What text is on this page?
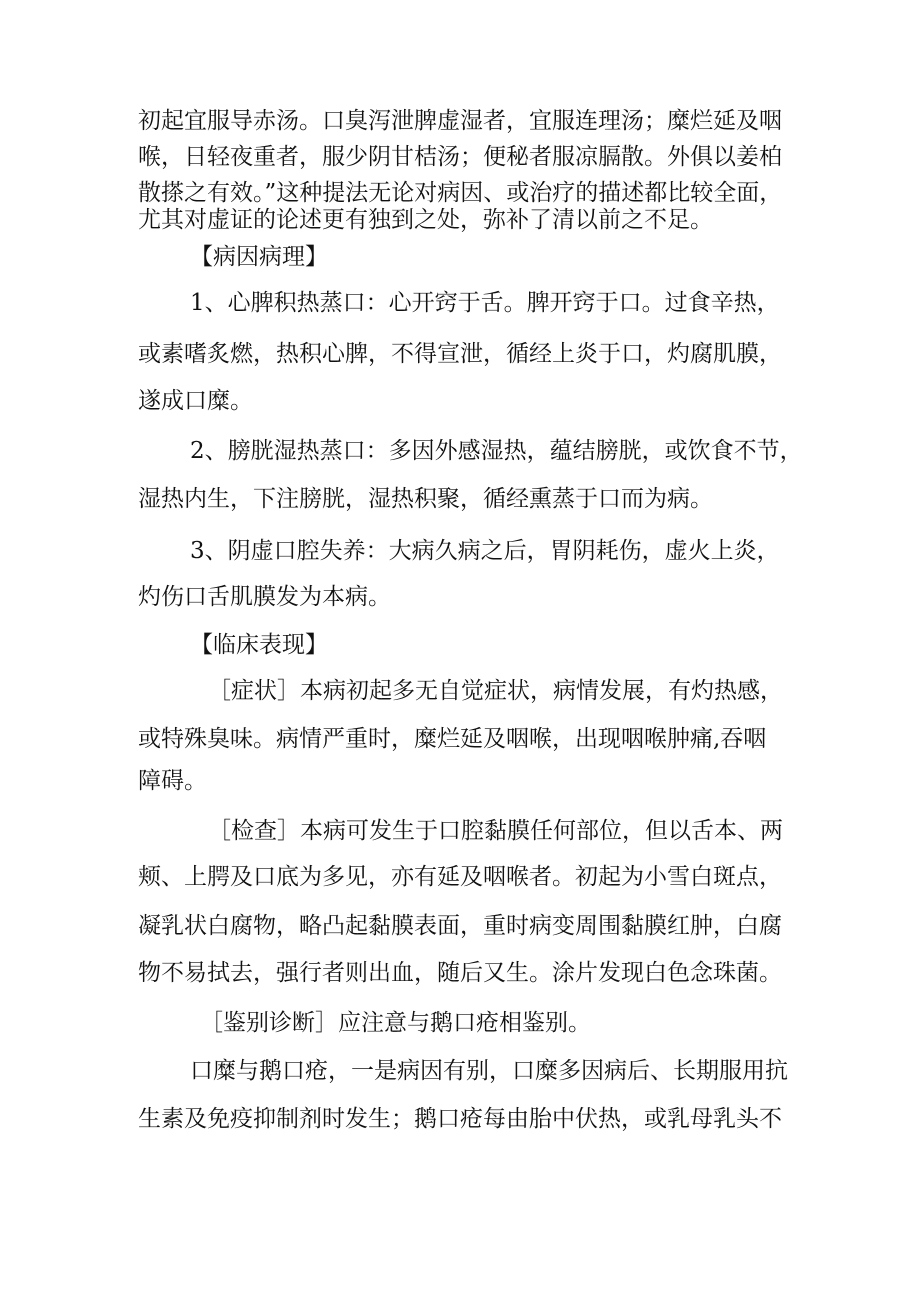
初起宜服导赤汤。口臭泻泄脾虚湿者，宜服连理汤；糜烂延及咽
喉，日轻夜重者，服少阴甘桔汤；便秘者服凉膈散。外俱以姜柏
散搽之有效。”这种提法无论对病因、或治疗的描述都比较全面，
尤其对虚证的论述更有独到之处，弥补了清以前之不足。
【病因病理】
1、心脾积热蒸口：心开窍于舌。脾开窍于口。过食辛热，
或素嗜炙燃，热积心脾，不得宣泄，循经上炎于口，灼腐肌膜，
遂成口糜。
2、膀胱湿热蒸口：多因外感湿热，蕴结膀胱，或饮食不节，
湿热内生，下注膀胱，湿热积聚，循经熏蒸于口而为病。
3、阴虚口腔失养：大病久病之后，胃阴耗伤，虚火上炎，
灼伤口舌肌膜发为本病。
【临床表现】
［症状］本病初起多无自觉症状，病情发展，有灼热感，
或特殊臭味。病情严重时，糜烂延及咽喉，出现咽喉肿痛,吞咽
障碍。
［检查］本病可发生于口腔黏膜任何部位，但以舌本、两
颊、上腭及口底为多见，亦有延及咽喉者。初起为小雪白斑点，
凝乳状白腐物，略凸起黏膜表面，重时病变周围黏膜红肿，白腐
物不易拭去，强行者则出血，随后又生。涂片发现白色念珠菌。
［鉴别诊断］应注意与鹅口疮相鉴别。
口糜与鹅口疮，一是病因有别，口糜多因病后、长期服用抗
生素及免疫抑制剂时发生；鹅口疮每由胎中伏热，或乳母乳头不
